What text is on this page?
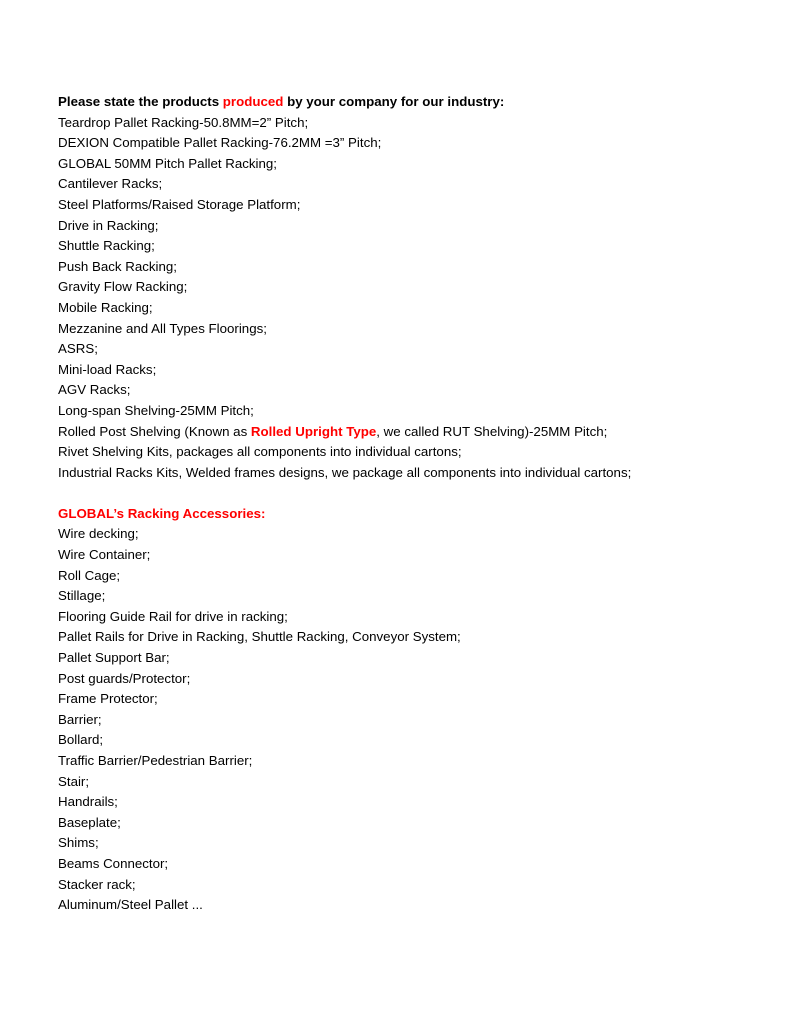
Please state the products produced by your company for our industry:
Teardrop Pallet Racking-50.8MM=2” Pitch;
DEXION Compatible Pallet Racking-76.2MM =3” Pitch;
GLOBAL 50MM Pitch Pallet Racking;
Cantilever Racks;
Steel Platforms/Raised Storage Platform;
Drive in Racking;
Shuttle Racking;
Push Back Racking;
Gravity Flow Racking;
Mobile Racking;
Mezzanine and All Types Floorings;
ASRS;
Mini-load Racks;
AGV Racks;
Long-span Shelving-25MM Pitch;
Rolled Post Shelving (Known as Rolled Upright Type, we called RUT Shelving)-25MM Pitch;
Rivet Shelving Kits, packages all components into individual cartons;
Industrial Racks Kits, Welded frames designs, we package all components into individual cartons;
GLOBAL’s Racking Accessories:
Wire decking;
Wire Container;
Roll Cage;
Stillage;
Flooring Guide Rail for drive in racking;
Pallet Rails for Drive in Racking, Shuttle Racking, Conveyor System;
Pallet Support Bar;
Post guards/Protector;
Frame Protector;
Barrier;
Bollard;
Traffic Barrier/Pedestrian Barrier;
Stair;
Handrails;
Baseplate;
Shims;
Beams Connector;
Stacker rack;
Aluminum/Steel Pallet ...
